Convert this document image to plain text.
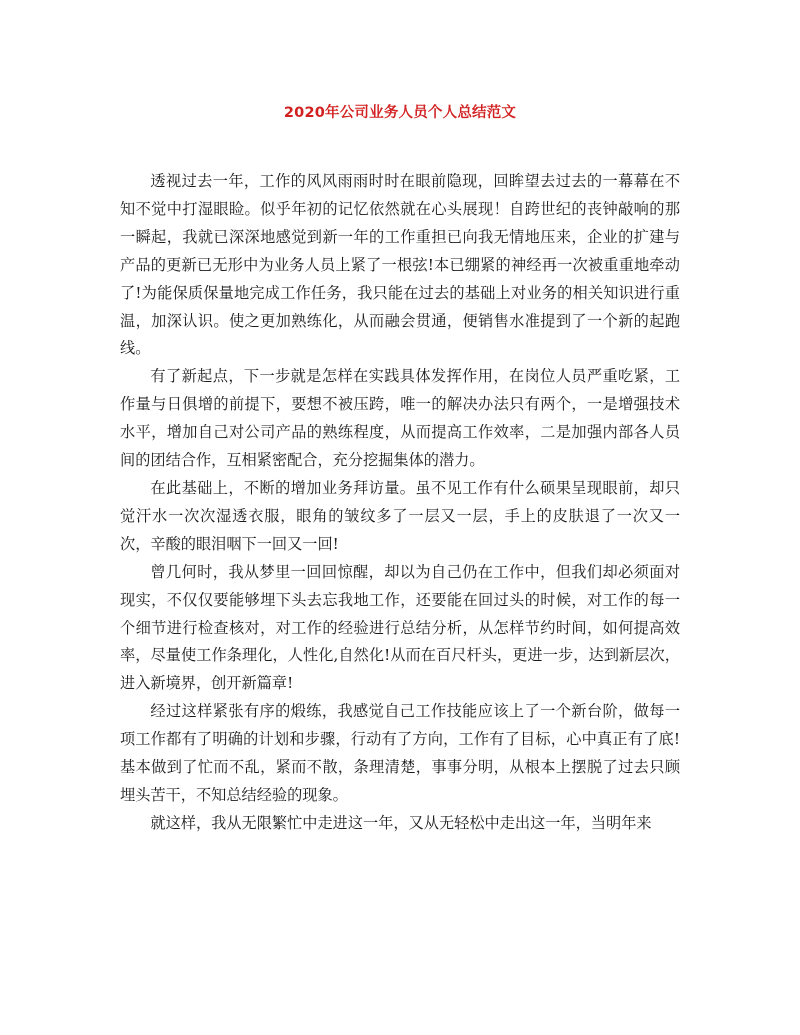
2020年公司业务人员个人总结范文

透视过去一年，工作的风风雨雨时时在眼前隐现，回眸望去过去的一幕幕在不知不觉中打湿眼睑。似乎年初的记忆依然就在心头展现！自跨世纪的丧钟敲响的那一瞬起，我就已深深地感觉到新一年的工作重担已向我无情地压来，企业的扩建与产品的更新已无形中为业务人员上紧了一根弦!本已绷紧的神经再一次被重重地牵动了!为能保质保量地完成工作任务，我只能在过去的基础上对业务的相关知识进行重温，加深认识。使之更加熟练化，从而融会贯通，便销售水准提到了一个新的起跑线。

有了新起点，下一步就是怎样在实践具体发挥作用，在岗位人员严重吃紧，工作量与日俱增的前提下，要想不被压跨，唯一的解决办法只有两个，一是增强技术水平，增加自己对公司产品的熟练程度，从而提高工作效率，二是加强内部各人员间的团结合作，互相紧密配合，充分挖掘集体的潜力。

在此基础上，不断的增加业务拜访量。虽不见工作有什么硕果呈现眼前，却只觉汗水一次次湿透衣服，眼角的皱纹多了一层又一层，手上的皮肤退了一次又一次，辛酸的眼泪咽下一回又一回!

曾几何时，我从梦里一回回惊醒，却以为自己仍在工作中，但我们却必须面对现实，不仅仅要能够埋下头去忘我地工作，还要能在回过头的时候，对工作的每一个细节进行检查核对，对工作的经验进行总结分析，从怎样节约时间，如何提高效率，尽量使工作条理化，人性化,自然化!从而在百尺杆头，更进一步，达到新层次，进入新境界，创开新篇章!

经过这样紧张有序的煅练，我感觉自己工作技能应该上了一个新台阶，做每一项工作都有了明确的计划和步骤，行动有了方向，工作有了目标，心中真正有了底!基本做到了忙而不乱，紧而不散，条理清楚，事事分明，从根本上摆脱了过去只顾埋头苦干，不知总结经验的现象。

就这样，我从无限繁忙中走进这一年，又从无轻松中走出这一年，当明年来
